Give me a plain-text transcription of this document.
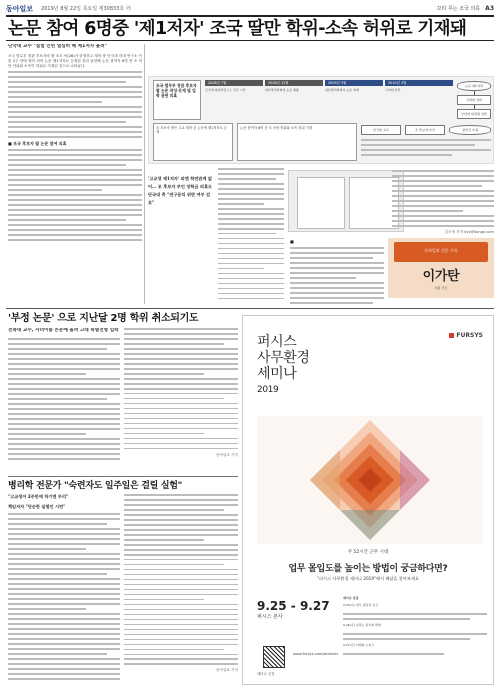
동아일보 2019년 8월 22일 목요일 제30833호 ㉮	꼬리 무는 조국 의혹 A3
논문 참여 6명중 '제1저자' 조국 딸만 학위-소속 허위로 기재돼
단국대 교수 "실험 인턴 열심히 해 제1저자 올려"

조국 법무부 장관 후보자의 딸 조모 씨(28)가 한영외고 재학 중 단국대 의대 연구소 인턴 2주 만에 영어 의학 논문 제1저자로 등재된 것과 관련해 논문 참여자 6명 중 조 씨만 학위와 소속이 허위로 기재된 것으로 나타났다.

■ 조국 후보자 딸 논문 참여 의혹
조국 법무부 장관 후보자 딸 논문 작성·등재 및 입학 관련 의혹
2008년 7월	2008년 12월	2009년 3월	2010년 3월
단국대 의과학연구소 인턴 시작	대한병리학회에 논문 제출	대한병리학회지 논문 게재	고려대 입학
조 후보자 딸은 고교 재학 중 논문에 제1저자로 등재
논문 참여자 6명 중 조 씨만 학위와 소속 허위 기재
논문 제1저자
고려대 입학
부산대 의전원 입학
단국대 교수	조 후보자 부인	장학금 수령
'고교생 제1저자' 외엔 학연관계 없어… 조 후보자 부인 장학금 의혹도 단국대 측 "연구윤리 위반 여부 검토"
■
김소영 기자 ksy@donga.com
동아일보 신문 구독
이가탄
잇몸 건강
'부정 논문' 으로 지난달 2명 학위 취소되기도
전북대 교수, 자녀이름 논문에 올려 고대 특별전형 입학
동아일보 기자
병리학 전문가 "숙련자도 일주일은 걸릴 실험"
"고교생이 2주만에 하기엔 무리"
책임저자 "단순한 실험인 시연"
동아일보 기자
퍼시스
사무환경
세미나
2019
FURSYS
주 52시간 근무 시대
업무 몰입도를 높이는 방법이 궁금하다면?
"퍼시스 사무환경 세미나 2019"에서 해답을 찾아보세요
9.25 - 9.27
퍼시스 본사
세미나 일정
9.25(수) 업무 몰입과 공간
9.26(목) 일하는 방식의 변화
9.27(금) 미래의 오피스
세미나 신청
www.fursys.com/seminar
